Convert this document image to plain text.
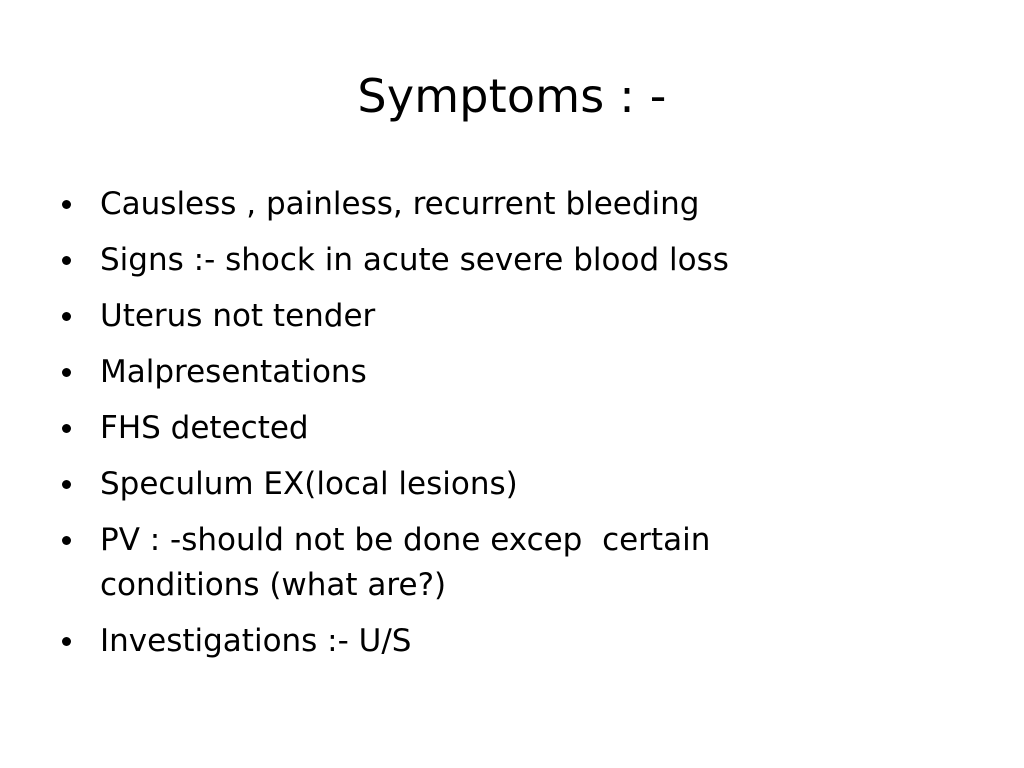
Symptoms : -
Causless , painless, recurrent bleeding
Signs :- shock in acute severe blood loss
Uterus not tender
Malpresentations
FHS detected
Speculum EX(local lesions)
PV : -should not be done excep  certain conditions (what are?)
Investigations :- U/S
